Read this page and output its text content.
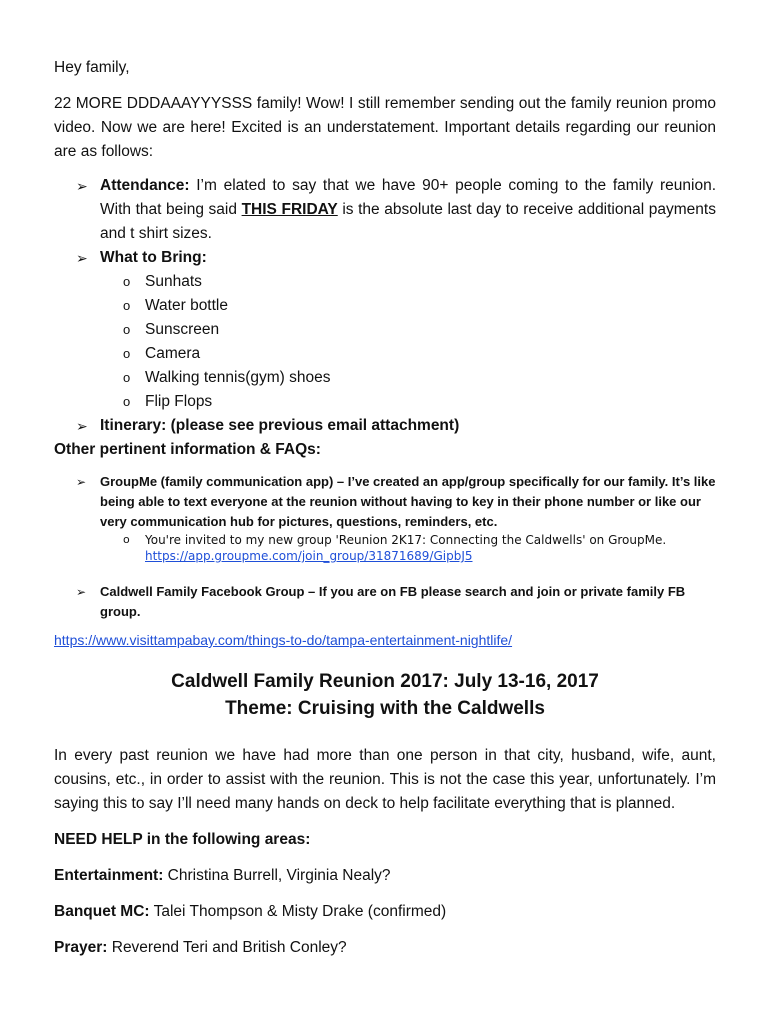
Hey family,

22 MORE DDDAAAYYYSSS family! Wow! I still remember sending out the family reunion promo video. Now we are here! Excited is an understatement. Important details regarding our reunion are as follows:

➢ Attendance: I’m elated to say that we have 90+ people coming to the family reunion. With that being said THIS FRIDAY is the absolute last day to receive additional payments and t shirt sizes.
➢ What to Bring:
o Sunhats
o Water bottle
o Sunscreen
o Camera
o Walking tennis(gym) shoes
o Flip Flops
➢ Itinerary: (please see previous email attachment)

Other pertinent information & FAQs:

➢ GroupMe (family communication app) – I’ve created an app/group specifically for our family. It’s like being able to text everyone at the reunion without having to key in their phone number or like our very communication hub for pictures, questions, reminders, etc.
o You're invited to my new group 'Reunion 2K17: Connecting the Caldwells' on GroupMe. https://app.groupme.com/join_group/31871689/GipbJ5
➢ Caldwell Family Facebook Group – If you are on FB please search and join or private family FB group.

https://www.visittampabay.com/things-to-do/tampa-entertainment-nightlife/

Caldwell Family Reunion 2017: July 13-16, 2017
Theme: Cruising with the Caldwells

In every past reunion we have had more than one person in that city, husband, wife, aunt, cousins, etc., in order to assist with the reunion. This is not the case this year, unfortunately. I’m saying this to say I’ll need many hands on deck to help facilitate everything that is planned.

NEED HELP in the following areas:

Entertainment: Christina Burrell, Virginia Nealy?

Banquet MC: Talei Thompson & Misty Drake (confirmed)

Prayer: Reverend Teri and British Conley?
